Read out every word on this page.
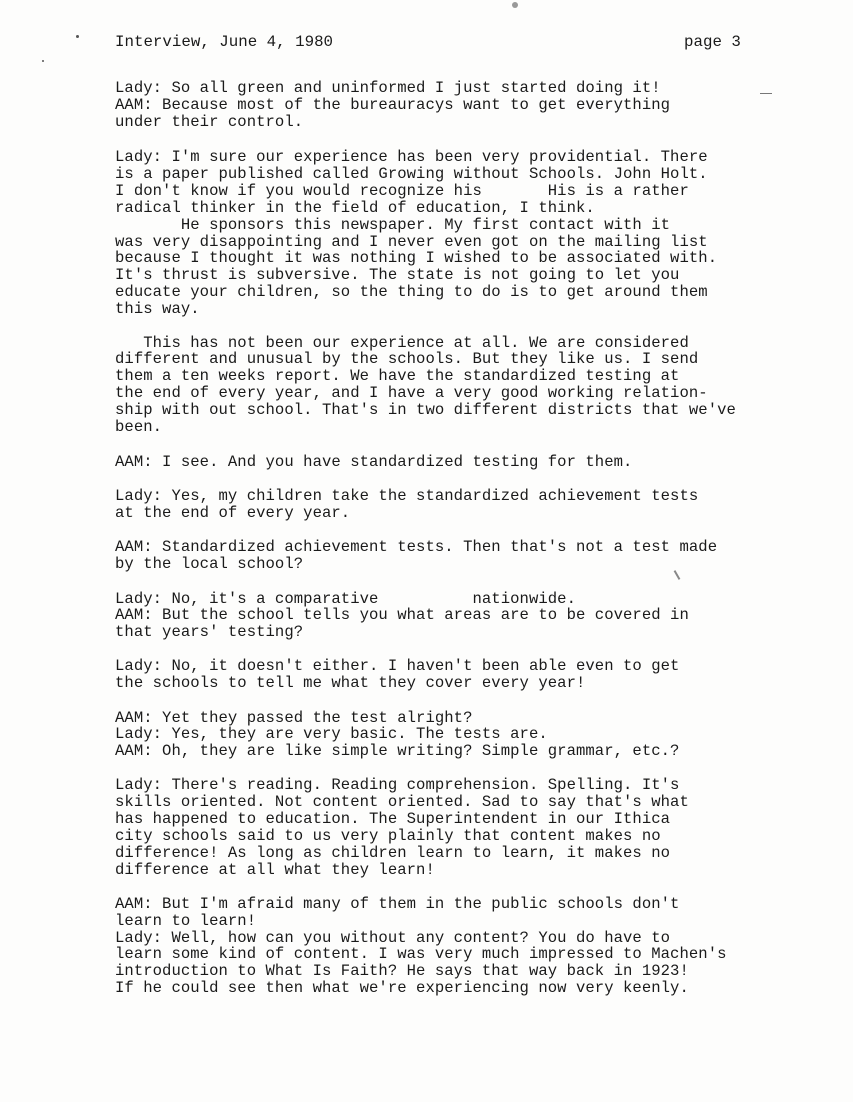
Interview, June 4, 1980	page 3
Lady: So all green and uninformed I just started doing it!
AAM: Because most of the bureauracys want to get everything
under their control.
Lady: I'm sure our experience has been very providential. There
is a paper published called Growing without Schools. John Holt.
I don't know if you would recognize his       His is a rather
radical thinker in the field of education, I think.
He sponsors this newspaper. My first contact with it
was very disappointing and I never even got on the mailing list
because I thought it was nothing I wished to be associated with.
It's thrust is subversive. The state is not going to let you
educate your children, so the thing to do is to get around them
this way.
This has not been our experience at all. We are considered
different and unusual by the schools. But they like us. I send
them a ten weeks report. We have the standardized testing at
the end of every year, and I have a very good working relation-
ship with out school. That's in two different districts that we've
been.
AAM: I see. And you have standardized testing for them.
Lady: Yes, my children take the standardized achievement tests
at the end of every year.
AAM: Standardized achievement tests. Then that's not a test made
by the local school?
Lady: No, it's a comparative          nationwide.
AAM: But the school tells you what areas are to be covered in
that years' testing?
Lady: No, it doesn't either. I haven't been able even to get
the schools to tell me what they cover every year!
AAM: Yet they passed the test alright?
Lady: Yes, they are very basic. The tests are.
AAM: Oh, they are like simple writing? Simple grammar, etc.?
Lady: There's reading. Reading comprehension. Spelling. It's
skills oriented. Not content oriented. Sad to say that's what
has happened to education. The Superintendent in our Ithica
city schools said to us very plainly that content makes no
difference! As long as children learn to learn, it makes no
difference at all what they learn!
AAM: But I'm afraid many of them in the public schools don't
learn to learn!
Lady: Well, how can you without any content? You do have to
learn some kind of content. I was very much impressed to Machen's
introduction to What Is Faith? He says that way back in 1923!
If he could see then what we're experiencing now very keenly.
